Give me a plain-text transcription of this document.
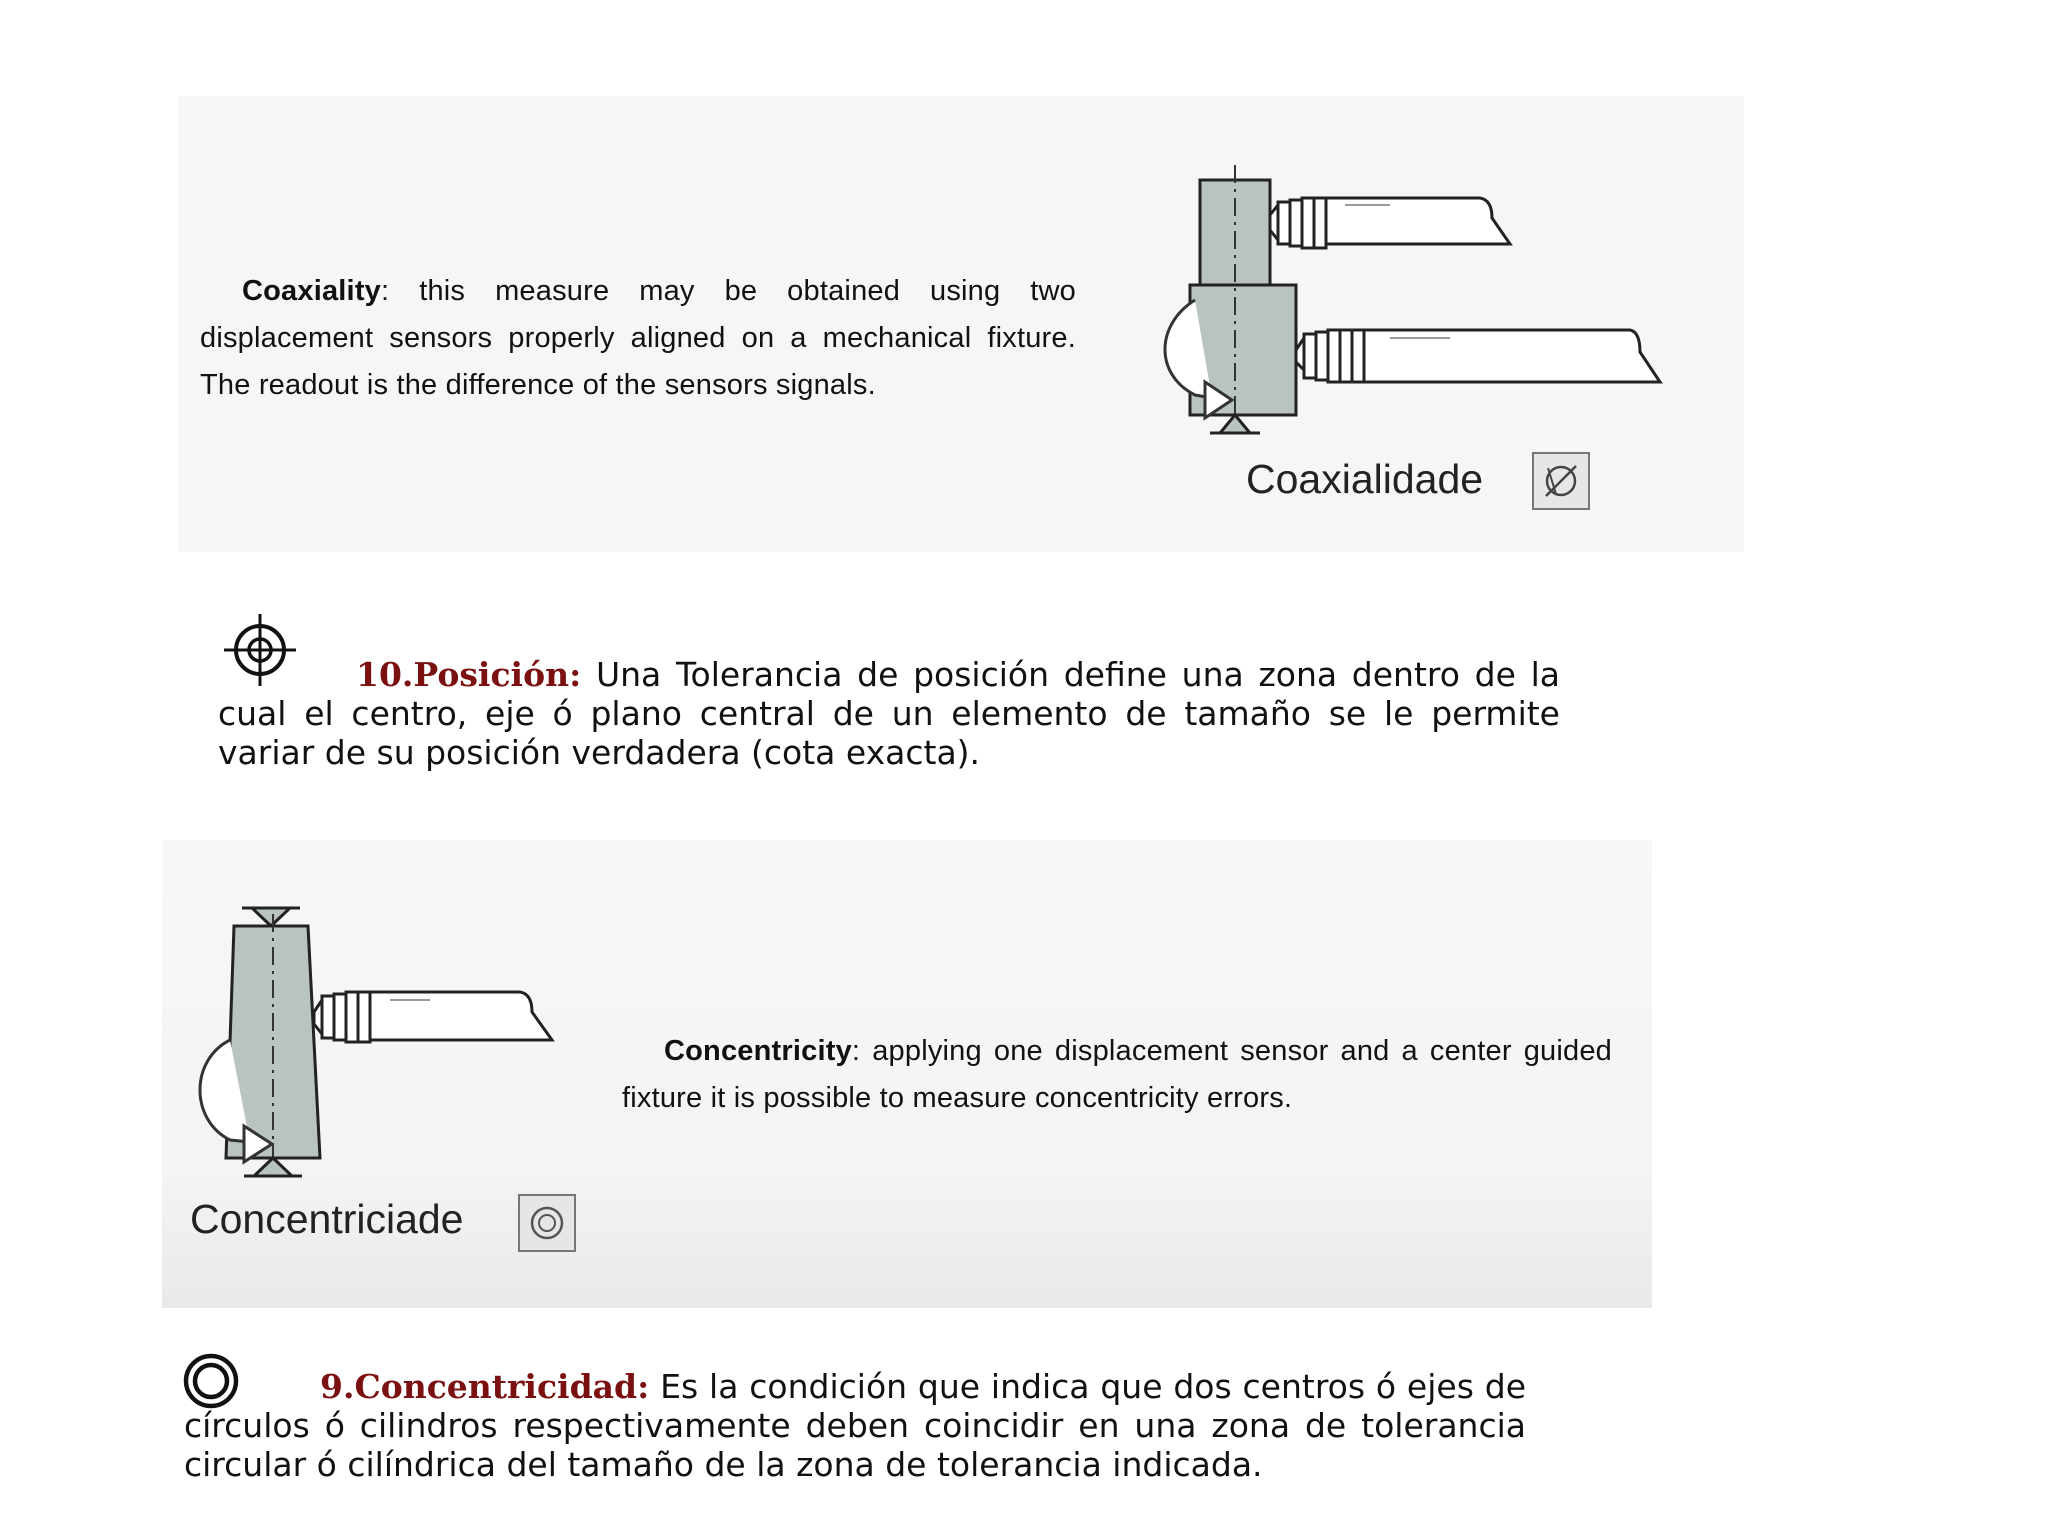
Coaxiality: this measure may be obtained using two displacement sensors properly aligned on a mechanical fixture. The readout is the difference of the sensors signals.
Coaxialidade
10.Posición: Una Tolerancia de posición define una zona dentro de la cual el centro, eje ó plano central de un elemento de tamaño se le permite variar de su posición verdadera (cota exacta).
Concentricity: applying one displacement sensor and a center guided fixture it is possible to measure concentricity errors.
Concentriciade
9.Concentricidad: Es la condición que indica que dos centros ó ejes de círculos ó cilindros respectivamente deben coincidir en una zona de tolerancia circular ó cilíndrica del tamaño de la zona de tolerancia indicada.
